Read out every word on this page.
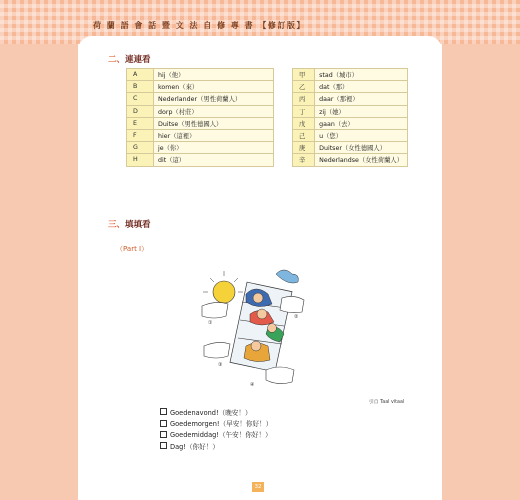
荷 蘭 語 會 話 暨 文 法 自 修 專 書 【修訂版】
二、連連看
A	hij（他）
B	komen（來）
C	Nederlander（男性荷蘭人）
D	dorp（村莊）
E	Duitse（男性德國人）
F	hier（這裡）
G	je（你）
H	dit（這）
甲	stad（城市）
乙	dat（那）
丙	daar（那裡）
丁	zij（她）
戊	gaan（去）
己	u（您）
庚	Duitser（女性德國人）
辛	Nederlandse（女性荷蘭人）
三、填填看
（Part I）
①
②
③
④
引自 Taal vitaal
Goedenavond!（晚安！）
Goedemorgen!（早安！你好！）
Goedemiddag!（午安！你好！）
Dag!（你好！）
32
